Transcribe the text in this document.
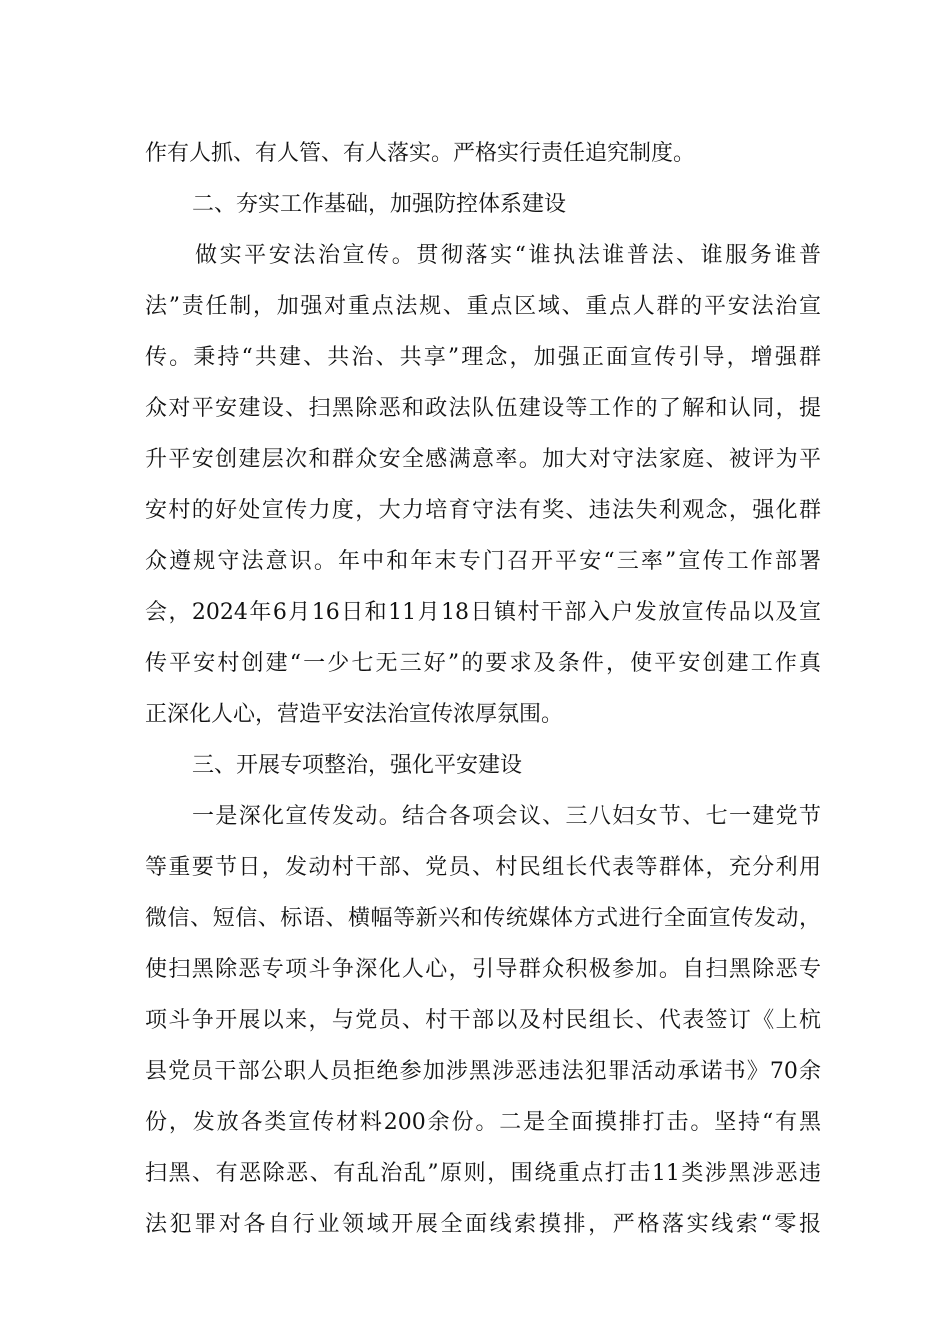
作有人抓、有人管、有人落实。严格实行责任追究制度。
二、夯实工作基础，加强防控体系建设
做实平安法治宣传。贯彻落实“谁执法谁普法、谁服务谁普
法”责任制，加强对重点法规、重点区域、重点人群的平安法治宣
传。秉持“共建、共治、共享”理念，加强正面宣传引导，增强群
众对平安建设、扫黑除恶和政法队伍建设等工作的了解和认同，提
升平安创建层次和群众安全感满意率。加大对守法家庭、被评为平
安村的好处宣传力度，大力培育守法有奖、违法失利观念，强化群
众遵规守法意识。年中和年末专门召开平安“三率”宣传工作部署
会，2024年6月16日和11月18日镇村干部入户发放宣传品以及宣
传平安村创建“一少七无三好”的要求及条件，使平安创建工作真
正深化人心，营造平安法治宣传浓厚氛围。
三、开展专项整治，强化平安建设
一是深化宣传发动。结合各项会议、三八妇女节、七一建党节
等重要节日，发动村干部、党员、村民组长代表等群体，充分利用
微信、短信、标语、横幅等新兴和传统媒体方式进行全面宣传发动，
使扫黑除恶专项斗争深化人心，引导群众积极参加。自扫黑除恶专
项斗争开展以来，与党员、村干部以及村民组长、代表签订《上杭
县党员干部公职人员拒绝参加涉黑涉恶违法犯罪活动承诺书》70余
份，发放各类宣传材料200余份。二是全面摸排打击。坚持“有黑
扫黑、有恶除恶、有乱治乱”原则，围绕重点打击11类涉黑涉恶违
法犯罪对各自行业领域开展全面线索摸排，严格落实线索“零报
